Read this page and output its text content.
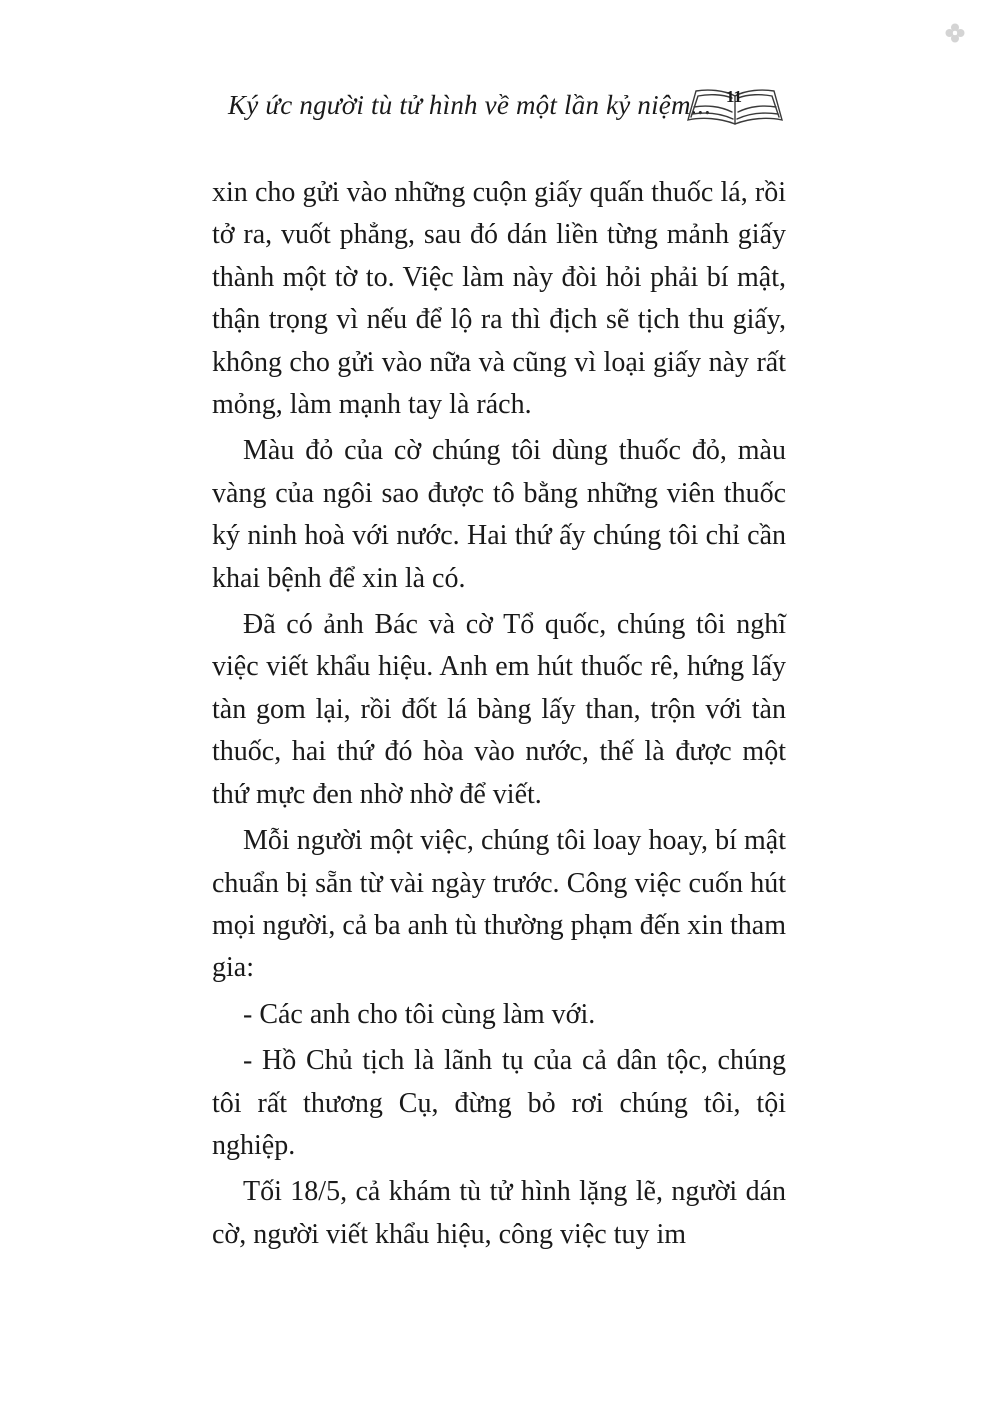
Ký ức người tù tử hình về một lần kỷ niệm... 11

xin cho gửi vào những cuộn giấy quấn thuốc lá, rồi tở ra, vuốt phẳng, sau đó dán liền từng mảnh giấy thành một tờ to. Việc làm này đòi hỏi phải bí mật, thận trọng vì nếu để lộ ra thì địch sẽ tịch thu giấy, không cho gửi vào nữa và cũng vì loại giấy này rất mỏng, làm mạnh tay là rách.

Màu đỏ của cờ chúng tôi dùng thuốc đỏ, màu vàng của ngôi sao được tô bằng những viên thuốc ký ninh hoà với nước. Hai thứ ấy chúng tôi chỉ cần khai bệnh để xin là có.

Đã có ảnh Bác và cờ Tổ quốc, chúng tôi nghĩ việc viết khẩu hiệu. Anh em hút thuốc rê, hứng lấy tàn gom lại, rồi đốt lá bàng lấy than, trộn với tàn thuốc, hai thứ đó hòa vào nước, thế là được một thứ mực đen nhờ nhờ để viết.

Mỗi người một việc, chúng tôi loay hoay, bí mật chuẩn bị sẵn từ vài ngày trước. Công việc cuốn hút mọi người, cả ba anh tù thường phạm đến xin tham gia:

- Các anh cho tôi cùng làm với.

- Hồ Chủ tịch là lãnh tụ của cả dân tộc, chúng tôi rất thương Cụ, đừng bỏ rơi chúng tôi, tội nghiệp.

Tối 18/5, cả khám tù tử hình lặng lẽ, người dán cờ, người viết khẩu hiệu, công việc tuy im
